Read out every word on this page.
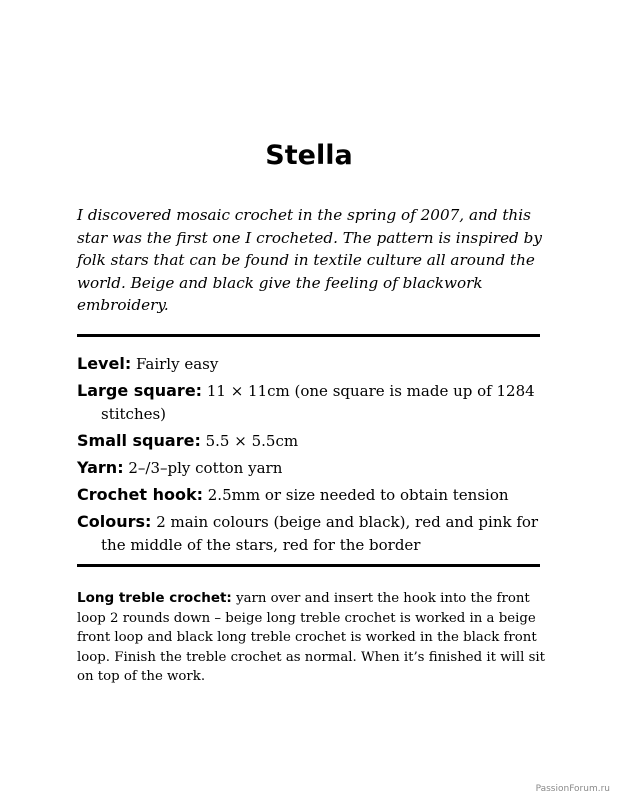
Stella

I discovered mosaic crochet in the spring of 2007, and this star was the first one I crocheted. The pattern is inspired by folk stars that can be found in textile culture all around the world. Beige and black give the feeling of blackwork embroidery.

Level: Fairly easy
Large square: 11 × 11cm (one square is made up of 1284 stitches)
Small square: 5.5 × 5.5cm
Yarn: 2–/3–ply cotton yarn
Crochet hook: 2.5mm or size needed to obtain tension
Colours: 2 main colours (beige and black), red and pink for the middle of the stars, red for the border

Long treble crochet: yarn over and insert the hook into the front loop 2 rounds down – beige long treble crochet is worked in a beige front loop and black long treble crochet is worked in the black front loop. Finish the treble crochet as normal. When it’s finished it will sit on top of the work.

PassionForum.ru
